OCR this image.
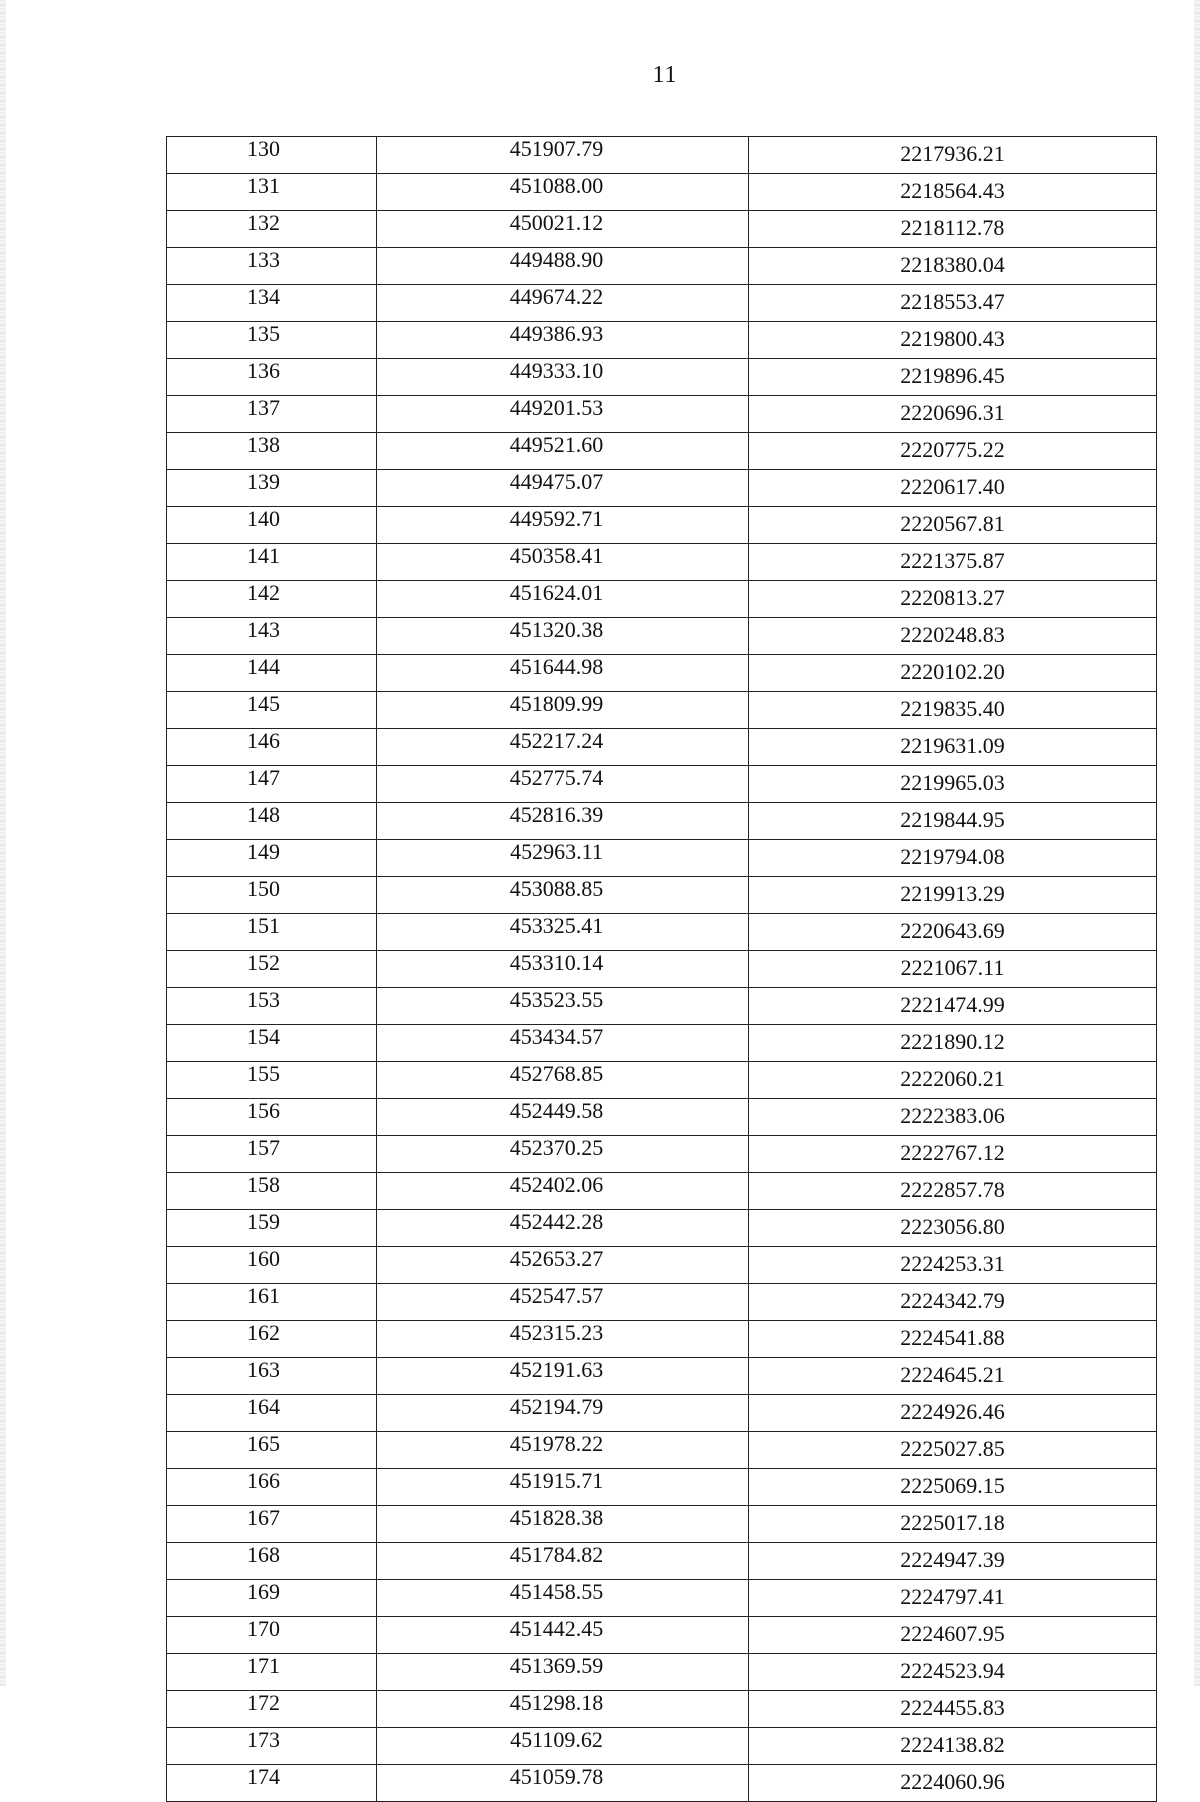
11
130	451907.79	2217936.21
131	451088.00	2218564.43
132	450021.12	2218112.78
133	449488.90	2218380.04
134	449674.22	2218553.47
135	449386.93	2219800.43
136	449333.10	2219896.45
137	449201.53	2220696.31
138	449521.60	2220775.22
139	449475.07	2220617.40
140	449592.71	2220567.81
141	450358.41	2221375.87
142	451624.01	2220813.27
143	451320.38	2220248.83
144	451644.98	2220102.20
145	451809.99	2219835.40
146	452217.24	2219631.09
147	452775.74	2219965.03
148	452816.39	2219844.95
149	452963.11	2219794.08
150	453088.85	2219913.29
151	453325.41	2220643.69
152	453310.14	2221067.11
153	453523.55	2221474.99
154	453434.57	2221890.12
155	452768.85	2222060.21
156	452449.58	2222383.06
157	452370.25	2222767.12
158	452402.06	2222857.78
159	452442.28	2223056.80
160	452653.27	2224253.31
161	452547.57	2224342.79
162	452315.23	2224541.88
163	452191.63	2224645.21
164	452194.79	2224926.46
165	451978.22	2225027.85
166	451915.71	2225069.15
167	451828.38	2225017.18
168	451784.82	2224947.39
169	451458.55	2224797.41
170	451442.45	2224607.95
171	451369.59	2224523.94
172	451298.18	2224455.83
173	451109.62	2224138.82
174	451059.78	2224060.96
